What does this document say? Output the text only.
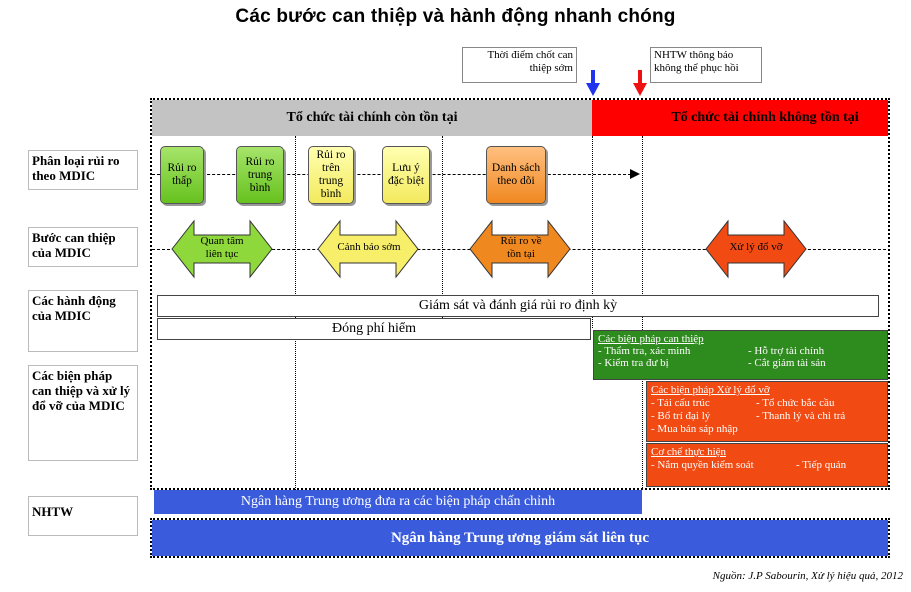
Các bước can thiệp và hành động nhanh chóng
Thời điểm chốt can thiệp sớm
NHTW thông báo không thể phục hồi
Tổ chức tài chính còn tồn tại	Tổ chức tài chính không tồn tại
Phân loại rủi ro theo MDIC
Bước can thiệp của MDIC
Các hành động của MDIC
Các biện pháp can thiệp và xử lý đổ vỡ của MDIC
NHTW
Rủi ro thấp
Rủi ro trung bình
Rủi ro trên trung bình
Lưu ý đặc biệt
Danh sách theo dõi
Quan tâm liên tục
Cảnh báo sớm	Rủi ro về tồn tại
Xử lý đổ vỡ
Giám sát và đánh giá rủi ro định kỳ
Đóng phí hiểm
Các biện pháp can thiệp
- Thẩm tra, xác minh	- Hỗ trợ tài chính
- Kiểm tra đư bị	- Cắt giảm tài sản
Các biện pháp Xử lý đổ vỡ
- Tái cấu trúc	- Tổ chức bắc cầu
- Bổ trí đại lý	- Thanh lý và chi trả
- Mua bán sáp nhập
Cơ chế thực hiện
- Nắm quyền kiểm soát	- Tiếp quản
Ngân hàng Trung ương đưa ra các biện pháp chấn chỉnh
Ngân hàng Trung ương giám sát liên tục
Nguồn: J.P Sabourin, Xử lý hiệu quả, 2012
